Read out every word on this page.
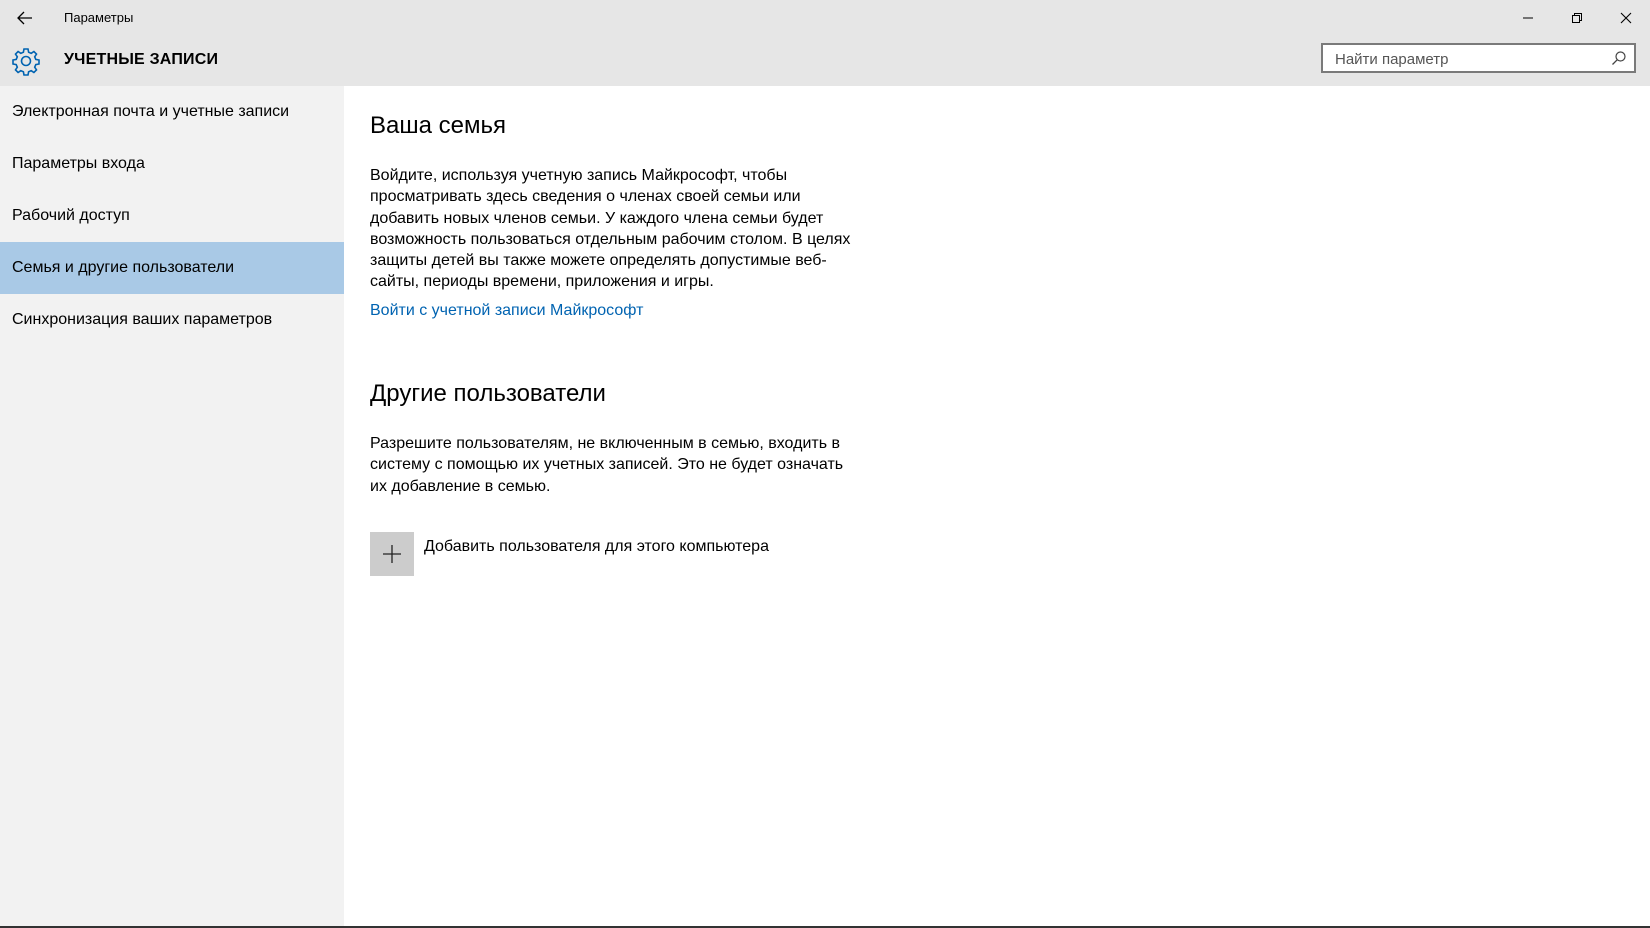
Параметры
УЧЕТНЫЕ ЗАПИСИ
Найти параметр
Электронная почта и учетные записи
Параметры входа
Рабочий доступ
Семья и другие пользователи
Синхронизация ваших параметров
Ваша семья

Войдите, используя учетную запись Майкрософт, чтобы просматривать здесь сведения о членах своей семьи или добавить новых членов семьи. У каждого члена семьи будет возможность пользоваться отдельным рабочим столом. В целях защиты детей вы также можете определять допустимые веб-сайты, периоды времени, приложения и игры.

Войти с учетной записи Майкрософт
Другие пользователи

Разрешите пользователям, не включенным в семью, входить в систему с помощью их учетных записей. Это не будет означать их добавление в семью.

Добавить пользователя для этого компьютера
